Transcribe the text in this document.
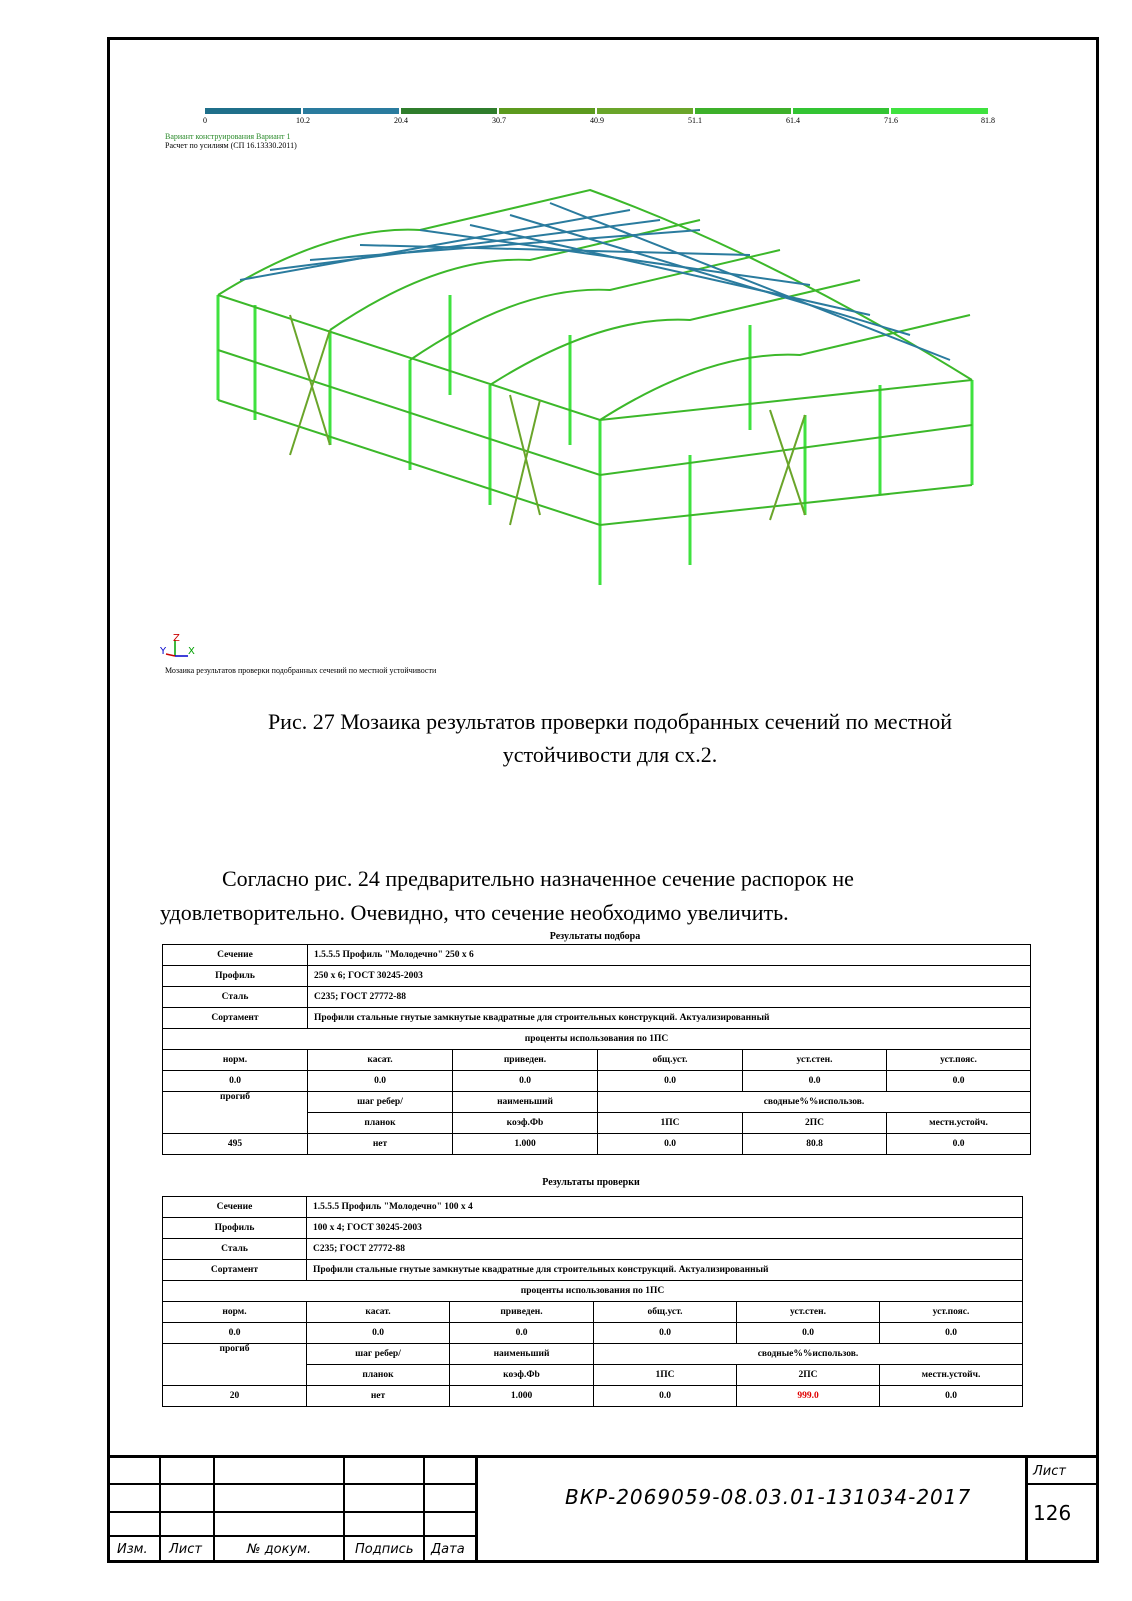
0	10.2	20.4	30.7	40.9	51.1	61.4	71.6	81.8
Вариант конструирования Вариант 1
Расчет по усилиям (СП 16.13330.2011)
Z
Y X
Мозаика результатов проверки подобранных сечений по местной устойчивости
Рис. 27 Мозаика результатов проверки подобранных сечений по местной
устойчивости для сх.2.
Согласно рис. 24 предварительно назначенное сечение распорок не
удовлетворительно. Очевидно, что сечение необходимо увеличить.
Результаты подбора
Сечение	1.5.5.5 Профиль "Молодечно" 250 x 6				
Профиль	250 x 6; ГОСТ 30245-2003				
Сталь	С235; ГОСТ 27772-88				
Сортамент	Профили стальные гнутые замкнутые квадратные для строительных конструкций. Актуализированный				
проценты использования по 1ПС					
норм.	касат.	приведен.	общ.уст.	уст.стен.	уст.пояс.
0.0	0.0	0.0	0.0	0.0	0.0
прогиб	шаг ребер/	наименьший	сводные%%использов.		
	планок	коэф.Фb	1ПС	2ПС	местн.устойч.
495	нет	1.000	0.0	80.8	0.0
Результаты проверки
Сечение	1.5.5.5 Профиль "Молодечно" 100 x 4				
Профиль	100 x 4; ГОСТ 30245-2003				
Сталь	С235; ГОСТ 27772-88				
Сортамент	Профили стальные гнутые замкнутые квадратные для строительных конструкций. Актуализированный				
проценты использования по 1ПС					
норм.	касат.	приведен.	общ.уст.	уст.стен.	уст.пояс.
0.0	0.0	0.0	0.0	0.0	0.0
прогиб	шаг ребер/	наименьший	сводные%%использов.		
	планок	коэф.Фb	1ПС	2ПС	местн.устойч.
20	нет	1.000	0.0	999.0	0.0
Изм. Лист	№ докум.	Подпись Дата
ВКР-2069059-08.03.01-131034-2017
Лист
126
